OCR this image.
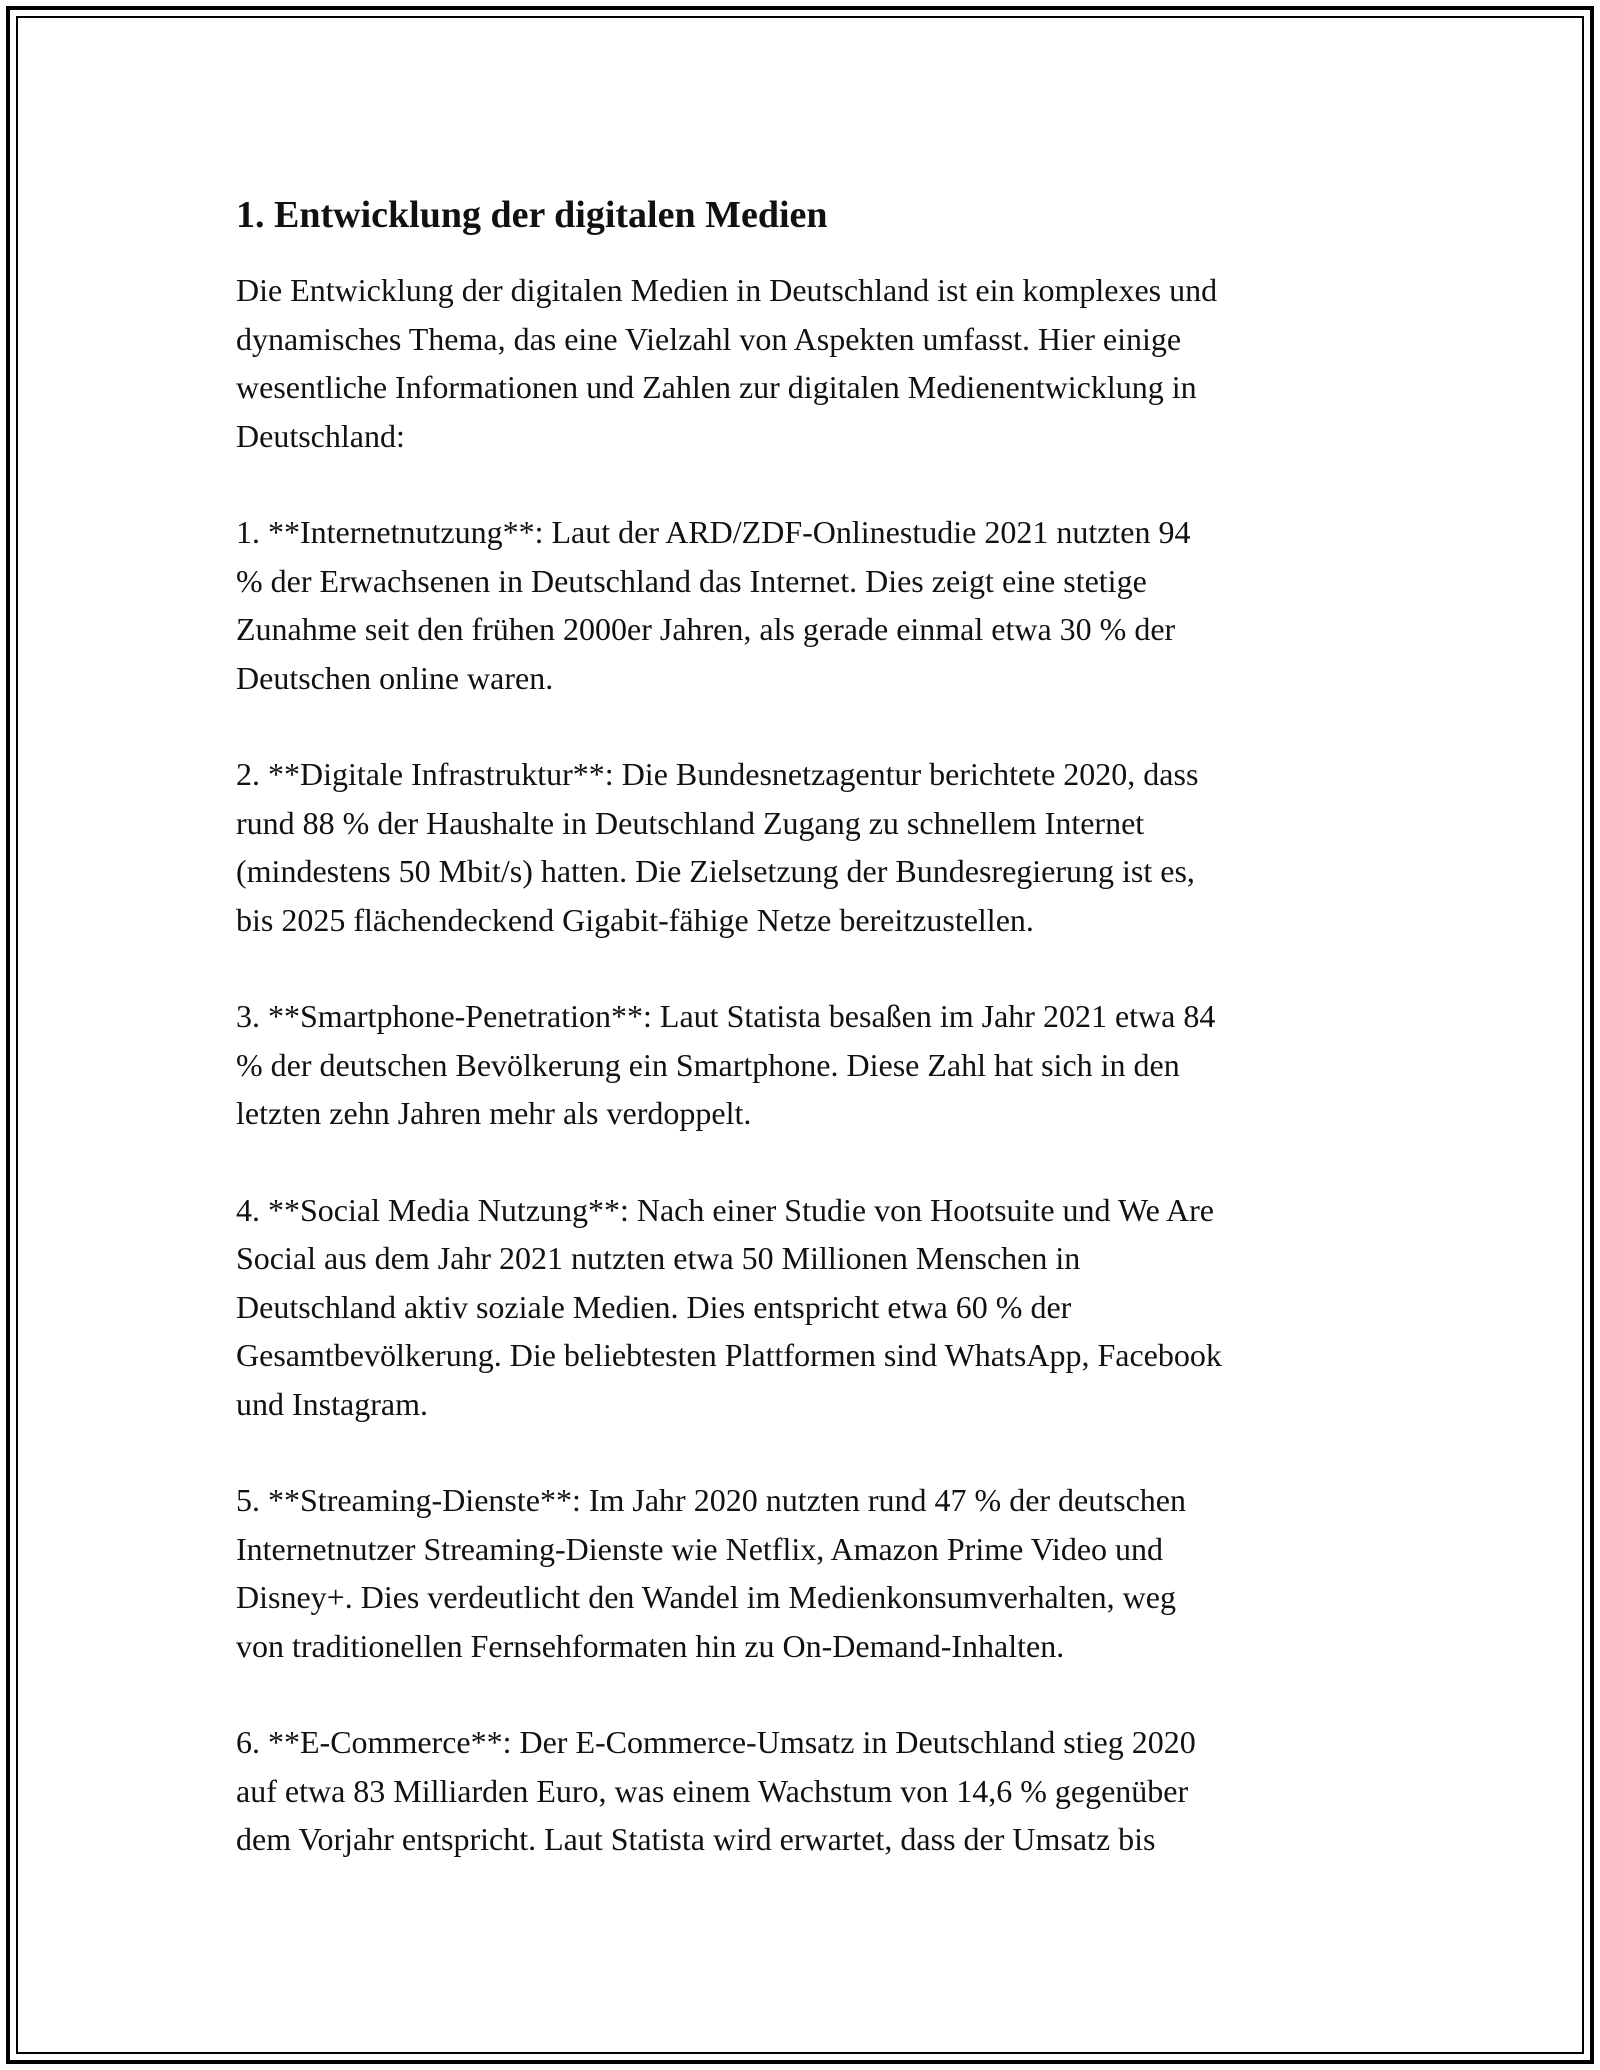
1. Entwicklung der digitalen Medien

Die Entwicklung der digitalen Medien in Deutschland ist ein komplexes und
dynamisches Thema, das eine Vielzahl von Aspekten umfasst. Hier einige
wesentliche Informationen und Zahlen zur digitalen Medienentwicklung in
Deutschland:

1. **Internetnutzung**: Laut der ARD/ZDF-Onlinestudie 2021 nutzten 94
% der Erwachsenen in Deutschland das Internet. Dies zeigt eine stetige
Zunahme seit den frühen 2000er Jahren, als gerade einmal etwa 30 % der
Deutschen online waren.

2. **Digitale Infrastruktur**: Die Bundesnetzagentur berichtete 2020, dass
rund 88 % der Haushalte in Deutschland Zugang zu schnellem Internet
(mindestens 50 Mbit/s) hatten. Die Zielsetzung der Bundesregierung ist es,
bis 2025 flächendeckend Gigabit-fähige Netze bereitzustellen.

3. **Smartphone-Penetration**: Laut Statista besaßen im Jahr 2021 etwa 84
% der deutschen Bevölkerung ein Smartphone. Diese Zahl hat sich in den
letzten zehn Jahren mehr als verdoppelt.

4. **Social Media Nutzung**: Nach einer Studie von Hootsuite und We Are
Social aus dem Jahr 2021 nutzten etwa 50 Millionen Menschen in
Deutschland aktiv soziale Medien. Dies entspricht etwa 60 % der
Gesamtbevölkerung. Die beliebtesten Plattformen sind WhatsApp, Facebook
und Instagram.

5. **Streaming-Dienste**: Im Jahr 2020 nutzten rund 47 % der deutschen
Internetnutzer Streaming-Dienste wie Netflix, Amazon Prime Video und
Disney+. Dies verdeutlicht den Wandel im Medienkonsumverhalten, weg
von traditionellen Fernsehformaten hin zu On-Demand-Inhalten.

6. **E-Commerce**: Der E-Commerce-Umsatz in Deutschland stieg 2020
auf etwa 83 Milliarden Euro, was einem Wachstum von 14,6 % gegenüber
dem Vorjahr entspricht. Laut Statista wird erwartet, dass der Umsatz bis
